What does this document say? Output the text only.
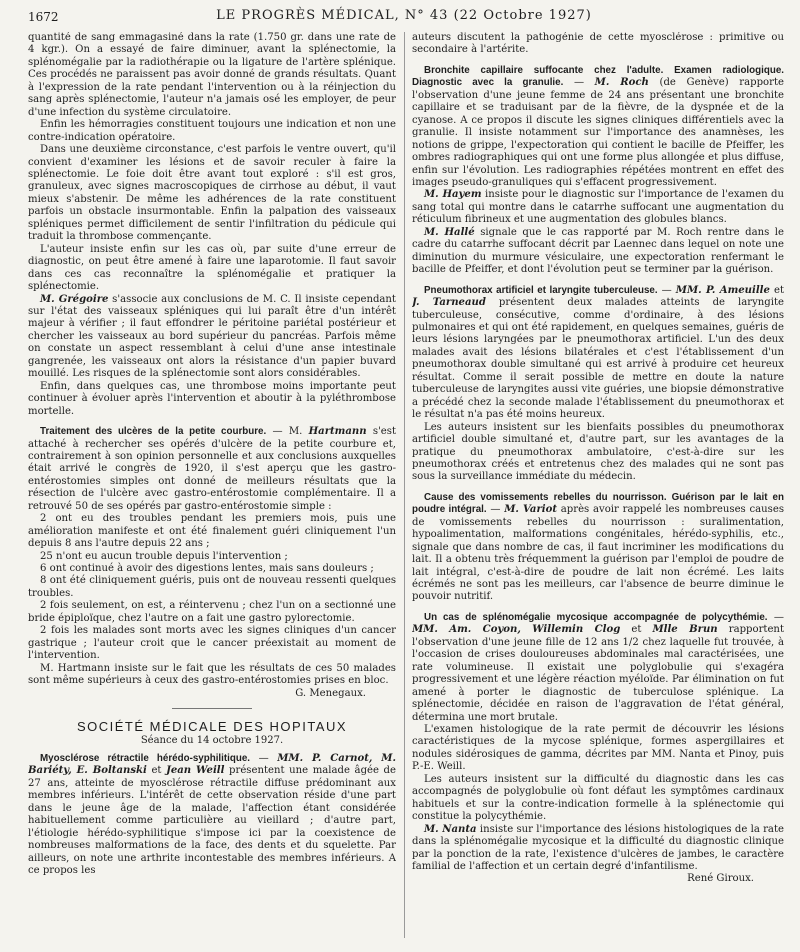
1672	LE PROGRÈS MÉDICAL, N° 43 (22 Octobre 1927)

quantité de sang emmagasiné dans la rate (1.750 gr. dans une rate de 4 kgr.). On a essayé de faire diminuer, avant la splénectomie, la splénomégalie par la radiothérapie ou la ligature de l'artère splénique. Ces procédés ne paraissent pas avoir donné de grands résultats. Quant à l'expression de la rate pendant l'intervention ou à la réinjection du sang après splénectomie, l'auteur n'a jamais osé les employer, de peur d'une infection du système circulatoire.

Enfin les hémorragies constituent toujours une indication et non une contre-indication opératoire.

Dans une deuxième circonstance, c'est parfois le ventre ouvert, qu'il convient d'examiner les lésions et de savoir reculer à faire la splénectomie. Le foie doit être avant tout exploré : s'il est gros, granuleux, avec signes macroscopiques de cirrhose au début, il vaut mieux s'abstenir. De même les adhérences de la rate constituent parfois un obstacle insurmontable. Enfin la palpation des vaisseaux spléniques permet difficilement de sentir l'infiltration du pédicule qui traduit la thrombose commençante.

L'auteur insiste enfin sur les cas où, par suite d'une erreur de diagnostic, on peut être amené à faire une laparotomie. Il faut savoir dans ces cas reconnaître la splénomégalie et pratiquer la splénectomie.

M. Grégoire s'associe aux conclusions de M. C. Il insiste cependant sur l'état des vaisseaux spléniques qui lui paraît être d'un intérêt majeur à vérifier ; il faut effondrer le péritoine pariétal postérieur et chercher les vaisseaux au bord supérieur du pancréas. Parfois même on constate un aspect ressemblant à celui d'une anse intestinale gangrenée, les vaisseaux ont alors la résistance d'un papier buvard mouillé. Les risques de la splénectomie sont alors considérables.

Enfin, dans quelques cas, une thrombose moins importante peut continuer à évoluer après l'intervention et aboutir à la pyléthrombose mortelle.

Traitement des ulcères de la petite courbure. — M. Hartmann s'est attaché à rechercher ses opérés d'ulcère de la petite courbure et, contrairement à son opinion personnelle et aux conclusions auxquelles était arrivé le congrès de 1920, il s'est aperçu que les gastro-entérostomies simples ont donné de meilleurs résultats que la résection de l'ulcère avec gastro-entérostomie complémentaire. Il a retrouvé 50 de ses opérés par gastro-entérostomie simple :

2 ont eu des troubles pendant les premiers mois, puis une amélioration manifeste et ont été finalement guéri cliniquement l'un depuis 8 ans l'autre depuis 22 ans ;

25 n'ont eu aucun trouble depuis l'intervention ;

6 ont continué à avoir des digestions lentes, mais sans douleurs ;

8 ont été cliniquement guéris, puis ont de nouveau ressenti quelques troubles.

2 fois seulement, on est, a réintervenu ; chez l'un on a sectionné une bride épiploïque, chez l'autre on a fait une gastro pylorectomie.

2 fois les malades sont morts avec les signes cliniques d'un cancer gastrique ; l'auteur croit que le cancer préexistait au moment de l'intervention.

M. Hartmann insiste sur le fait que les résultats de ces 50 malades sont même supérieurs à ceux des gastro-entérostomies prises en bloc.

G. Menegaux.

SOCIÉTÉ MÉDICALE DES HOPITAUX
Séance du 14 octobre 1927.

Myosclérose rétractile hérédo-syphilitique. — MM. P. Carnot, M. Bariéty, E. Boltanski et Jean Weill présentent une malade âgée de 27 ans, atteinte de myosclérose rétractile diffuse prédominant aux membres inférieurs. L'intérêt de cette observation réside d'une part dans le jeune âge de la malade, l'affection étant considérée habituellement comme particulière au vieillard ; d'autre part, l'étiologie hérédo-syphilitique s'impose ici par la coexistence de nombreuses malformations de la face, des dents et du squelette. Par ailleurs, on note une arthrite incontestable des membres inférieurs. A ce propos les

auteurs discutent la pathogénie de cette myosclérose : primitive ou secondaire à l'artérite.

Bronchite capillaire suffocante chez l'adulte. Examen radiologique. Diagnostic avec la granulie. — M. Roch (de Genève) rapporte l'observation d'une jeune femme de 24 ans présentant une bronchite capillaire et se traduisant par de la fièvre, de la dyspnée et de la cyanose. A ce propos il discute les signes cliniques différentiels avec la granulie. Il insiste notamment sur l'importance des anamnèses, les notions de grippe, l'expectoration qui contient le bacille de Pfeiffer, les ombres radiographiques qui ont une forme plus allongée et plus diffuse, enfin sur l'évolution. Les radiographies répétées montrent en effet des images pseudo-granuliques qui s'effacent progressivement.

M. Hayem insiste pour le diagnostic sur l'importance de l'examen du sang total qui montre dans le catarrhe suffocant une augmentation du réticulum fibrineux et une augmentation des globules blancs.

M. Hallé signale que le cas rapporté par M. Roch rentre dans le cadre du catarrhe suffocant décrit par Laennec dans lequel on note une diminution du murmure vésiculaire, une expectoration renfermant le bacille de Pfeiffer, et dont l'évolution peut se terminer par la guérison.

Pneumothorax artificiel et laryngite tuberculeuse. — MM. P. Ameuille et J. Tarneaud présentent deux malades atteints de laryngite tuberculeuse, consécutive, comme d'ordinaire, à des lésions pulmonaires et qui ont été rapidement, en quelques semaines, guéris de leurs lésions laryngées par le pneumothorax artificiel. L'un des deux malades avait des lésions bilatérales et c'est l'établissement d'un pneumothorax double simultané qui est arrivé à produire cet heureux résultat. Comme il serait possible de mettre en doute la nature tuberculeuse de laryngites aussi vite guéries, une biopsie démonstrative a précédé chez la seconde malade l'établissement du pneumothorax et le résultat n'a pas été moins heureux.

Les auteurs insistent sur les bienfaits possibles du pneumothorax artificiel double simultané et, d'autre part, sur les avantages de la pratique du pneumothorax ambulatoire, c'est-à-dire sur les pneumothorax créés et entretenus chez des malades qui ne sont pas sous la surveillance immédiate du médecin.

Cause des vomissements rebelles du nourrisson. Guérison par le lait en poudre intégral. — M. Variot après avoir rappelé les nombreuses causes de vomissements rebelles du nourrisson : suralimentation, hypoalimentation, malformations congénitales, hérédo-syphilis, etc., signale que dans nombre de cas, il faut incriminer les modifications du lait. Il a obtenu très fréquemment la guérison par l'emploi de poudre de lait intégral, c'est-à-dire de poudre de lait non écrémé. Les laits écrémés ne sont pas les meilleurs, car l'absence de beurre diminue le pouvoir nutritif.

Un cas de splénomégalie mycosique accompagnée de polycythémie. — MM. Am. Coyon, Willemin Clog et Mlle Brun rapportent l'observation d'une jeune fille de 12 ans 1/2 chez laquelle fut trouvée, à l'occasion de crises douloureuses abdominales mal caractérisées, une rate volumineuse. Il existait une polyglobulie qui s'exagéra progressivement et une légère réaction myéloïde. Par élimination on fut amené à porter le diagnostic de tuberculose splénique. La splénectomie, décidée en raison de l'aggravation de l'état général, détermina une mort brutale.

L'examen histologique de la rate permit de découvrir les lésions caractéristiques de la mycose splénique, formes aspergillaires et nodules sidérosiques de gamma, décrites par MM. Nanta et Pinoy, puis P.-E. Weill.

Les auteurs insistent sur la difficulté du diagnostic dans les cas accompagnés de polyglobulie où font défaut les symptômes cardinaux habituels et sur la contre-indication formelle à la splénectomie qui constitue la polycythémie.

M. Nanta insiste sur l'importance des lésions histologiques de la rate dans la splénomégalie mycosique et la difficulté du diagnostic clinique par la ponction de la rate, l'existence d'ulcères de jambes, le caractère familial de l'affection et un certain degré d'infantilisme.

René Giroux.
